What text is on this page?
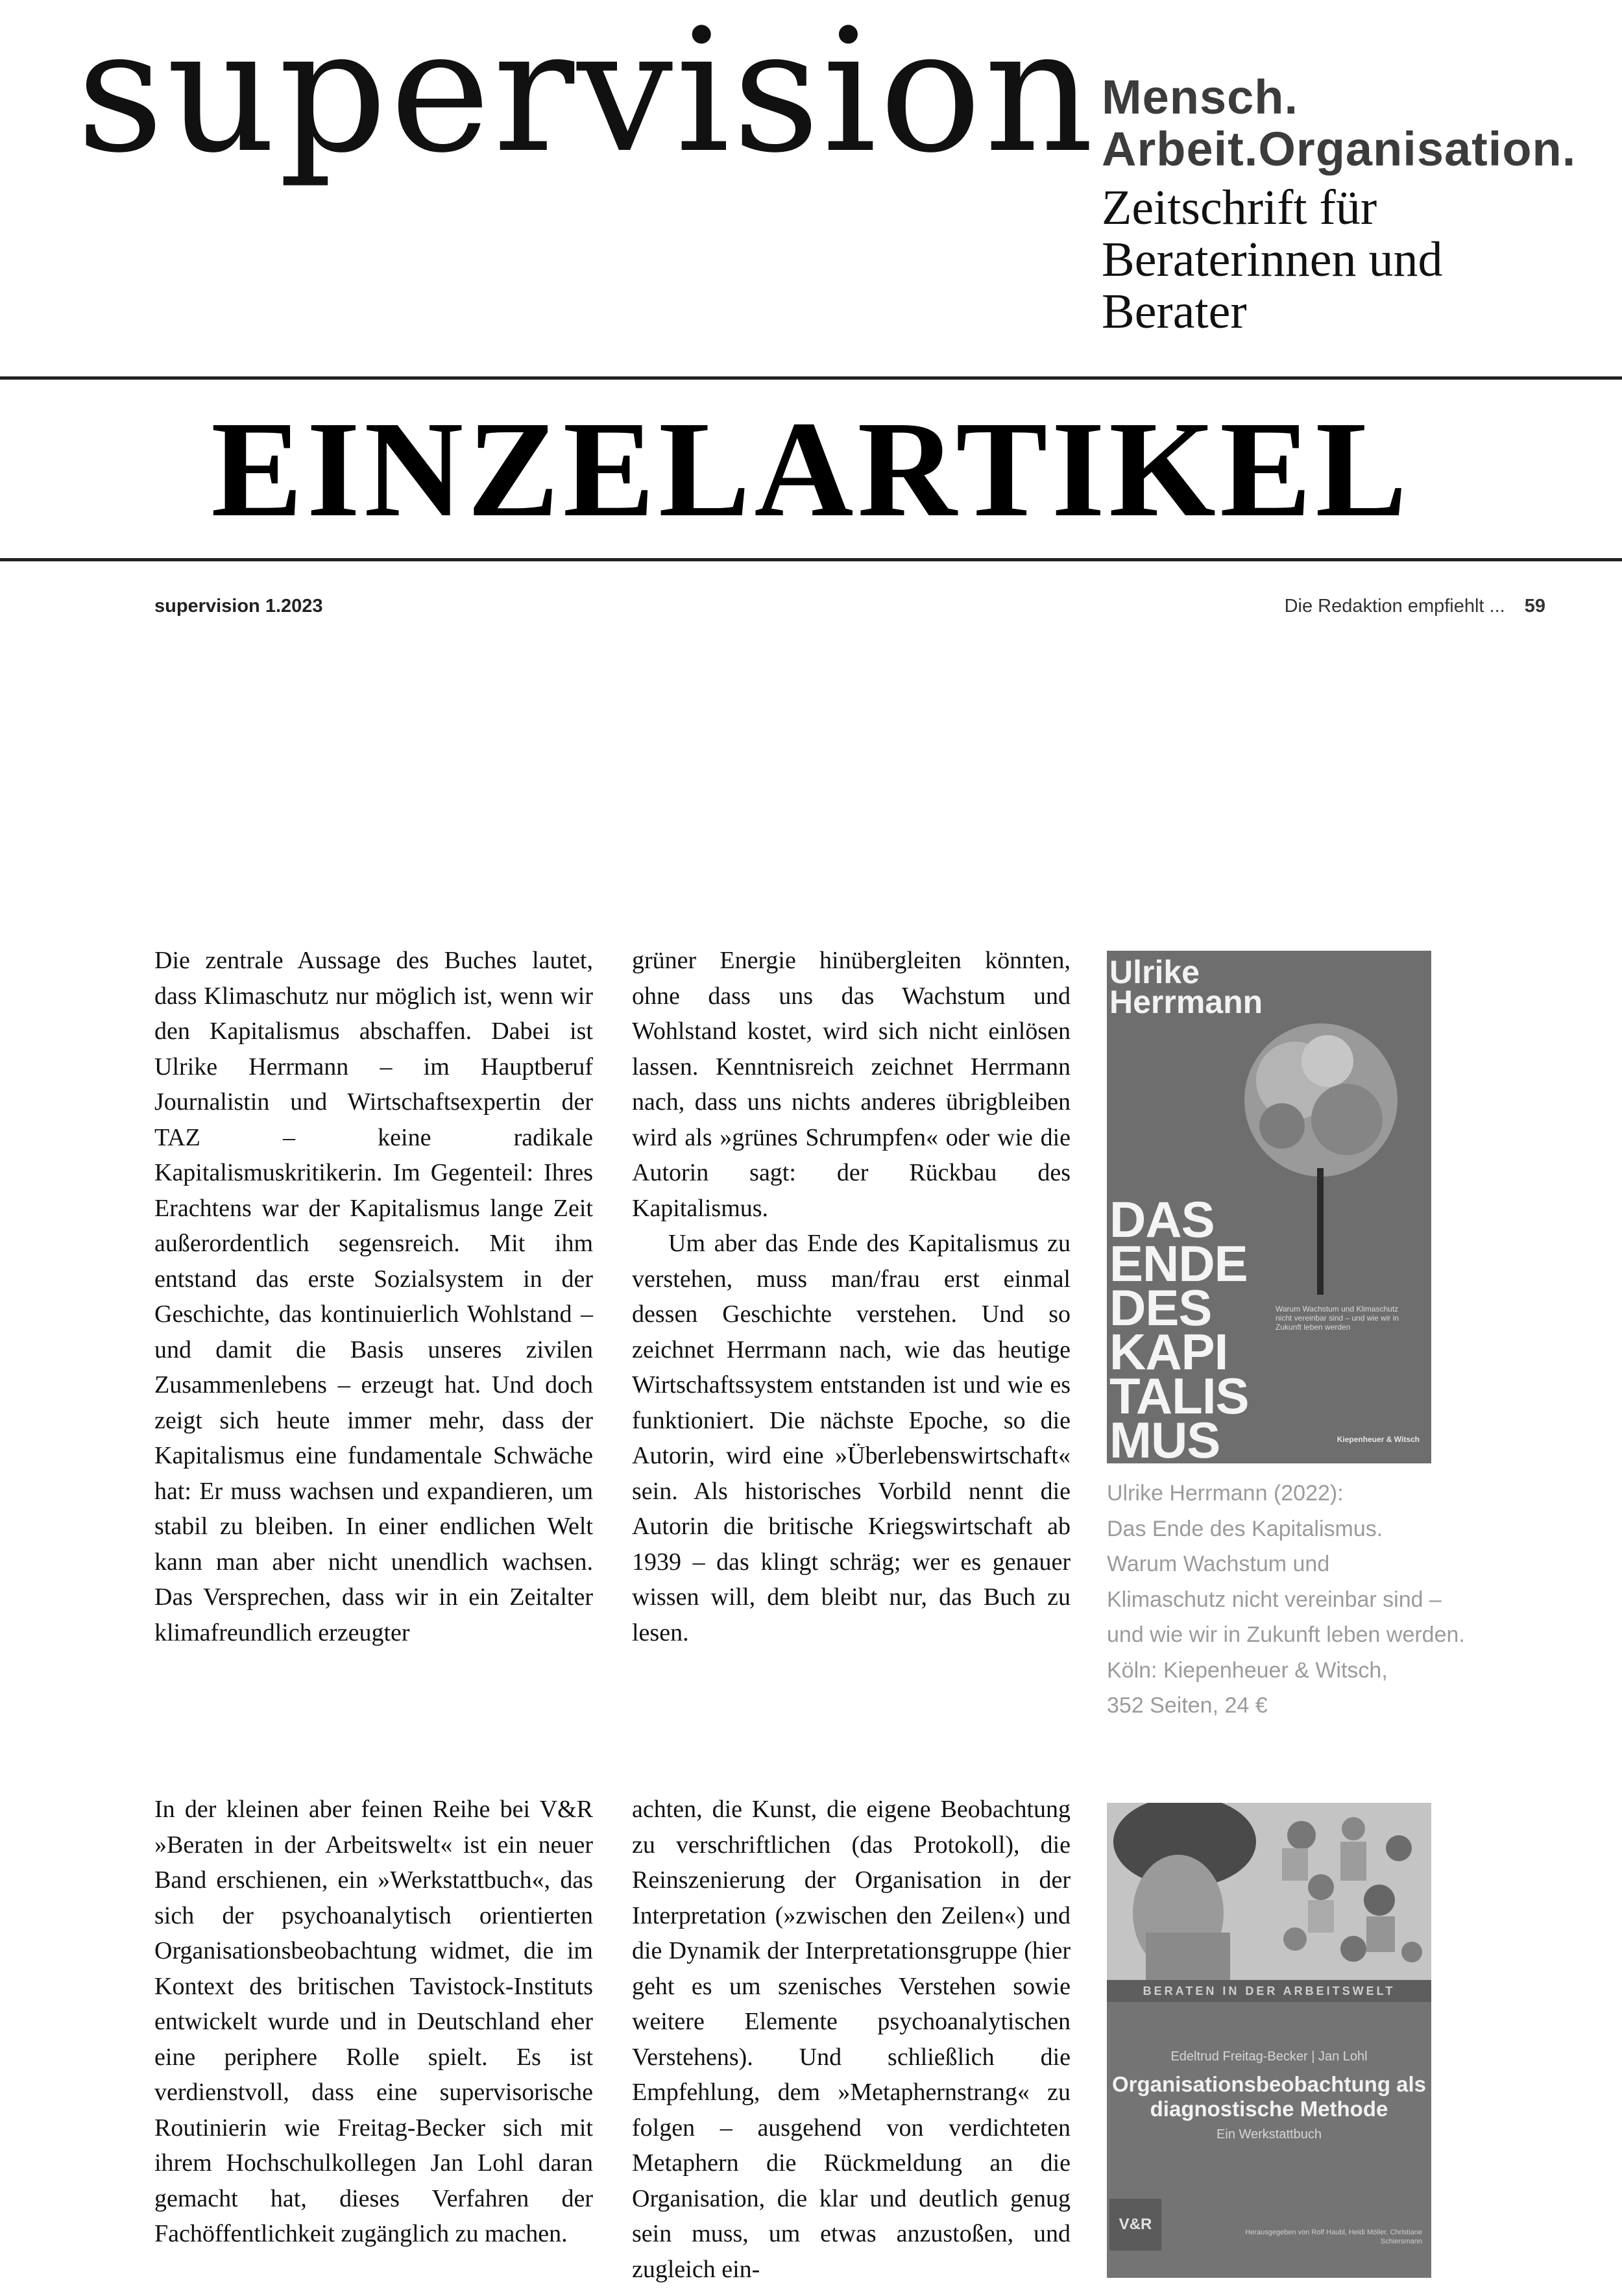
supervision Mensch.
Arbeit.Organisation.
Zeitschrift für
Beraterinnen und
Berater
EINZELARTIKEL
supervision 1.2023	Die Redaktion empfiehlt ... 59

Die zentrale Aussage des Buches lautet, dass Klimaschutz nur möglich ist, wenn wir den Kapitalismus abschaffen. Dabei ist Ulrike Herrmann – im Hauptberuf Journalistin und Wirtschaftsexpertin der TAZ – keine radikale Kapitalismuskritikerin. Im Gegenteil: Ihres Erachtens war der Kapitalismus lange Zeit außerordentlich segensreich. Mit ihm entstand das erste Sozialsystem in der Geschichte, das kontinuierlich Wohlstand – und damit die Basis unseres zivilen Zusammenlebens – erzeugt hat. Und doch zeigt sich heute immer mehr, dass der Kapitalismus eine fundamentale Schwäche hat: Er muss wachsen und expandieren, um stabil zu bleiben. In einer endlichen Welt kann man aber nicht unendlich wachsen. Das Versprechen, dass wir in ein Zeitalter klimafreundlich erzeugter

grüner Energie hinübergleiten könnten, ohne dass uns das Wachstum und Wohlstand kostet, wird sich nicht einlösen lassen. Kenntnisreich zeichnet Herrmann nach, dass uns nichts anderes übrigbleiben wird als »grünes Schrumpfen« oder wie die Autorin sagt: der Rückbau des Kapitalismus.

Um aber das Ende des Kapitalismus zu verstehen, muss man/frau erst einmal dessen Geschichte verstehen. Und so zeichnet Herrmann nach, wie das heutige Wirtschaftssystem entstanden ist und wie es funktioniert. Die nächste Epoche, so die Autorin, wird eine »Überlebenswirtschaft« sein. Als historisches Vorbild nennt die Autorin die britische Kriegswirtschaft ab 1939 – das klingt schräg; wer es genauer wissen will, dem bleibt nur, das Buch zu lesen.

Ulrike Herrmann
DAS
ENDE
DES
KAPI
TALIS
MUS
Warum Wachstum und Klimaschutz nicht vereinbar sind – und wie wir in Zukunft leben werden
Kiepenheuer & Witsch
Ulrike Herrmann (2022):
Das Ende des Kapitalismus.
Warum Wachstum und
Klimaschutz nicht vereinbar sind –
und wie wir in Zukunft leben werden.
Köln: Kiepenheuer & Witsch,
352 Seiten, 24 €

In der kleinen aber feinen Reihe bei V&R »Beraten in der Arbeitswelt« ist ein neuer Band erschienen, ein »Werkstattbuch«, das sich der psychoanalytisch orientierten Organisationsbeobachtung widmet, die im Kontext des britischen Tavistock-Instituts entwickelt wurde und in Deutschland eher eine periphere Rolle spielt. Es ist verdienstvoll, dass eine supervisorische Routinierin wie Freitag-Becker sich mit ihrem Hochschulkollegen Jan Lohl daran gemacht hat, dieses Verfahren der Fachöffentlichkeit zugänglich zu machen.

achten, die Kunst, die eigene Beobachtung zu verschriftlichen (das Protokoll), die Reinszenierung der Organisation in der Interpretation (»zwischen den Zeilen«) und die Dynamik der Interpretationsgruppe (hier geht es um szenisches Verstehen sowie weitere Elemente psychoanalytischen Verstehens). Und schließlich die Empfehlung, dem »Metaphernstrang« zu folgen – ausgehend von verdichteten Metaphern die Rückmeldung an die Organisation, die klar und deutlich genug sein muss, um etwas anzustoßen, und zugleich ein-

BERATEN IN DER ARBEITSWELT
Edeltrud Freitag-Becker | Jan Lohl
Organisationsbeobachtung als diagnostische Methode
Ein Werkstattbuch
V&R	Herausgegeben von Rolf Haubl, Heidi Möller, Christiane Schiersmann
